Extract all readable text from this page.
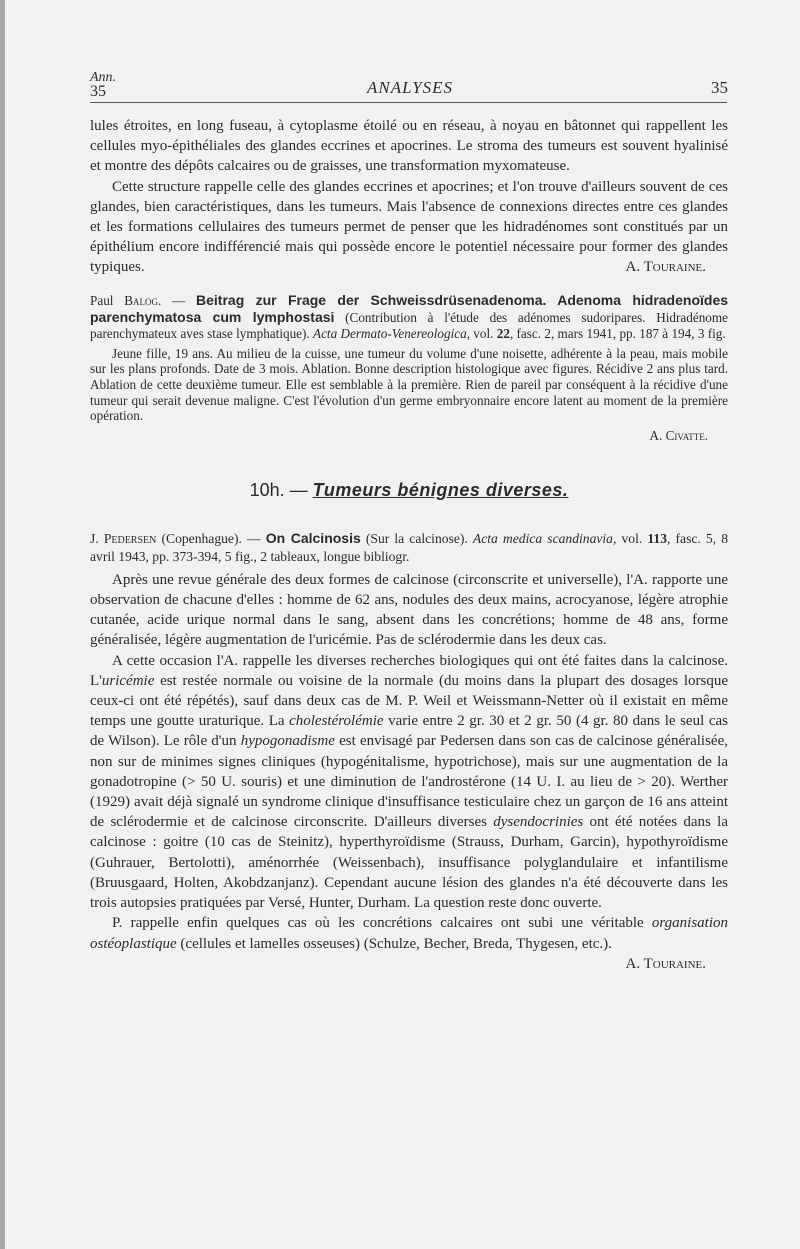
Ann.
35	ANALYSES	35

lules étroites, en long fuseau, à cytoplasme étoilé ou en réseau, à noyau en bâtonnet qui rappellent les cellules myo-épithéliales des glandes eccrines et apocrines. Le stroma des tumeurs est souvent hyalinisé et montre des dépôts calcaires ou de graisses, une transformation myxomateuse.

Cette structure rappelle celle des glandes eccrines et apocrines; et l'on trouve d'ailleurs souvent de ces glandes, bien caractéristiques, dans les tumeurs. Mais l'absence de connexions directes entre ces glandes et les formations cellulaires des tumeurs permet de penser que les hidradénomes sont constitués par un épithélium encore indifférencié mais qui possède encore le potentiel nécessaire pour former des glandes typiques.	A. Touraine.

Paul Balog. — Beitrag zur Frage der Schweissdrüsenadenoma. Adenoma hidradenoïdes parenchymatosa cum lymphostasi (Contribution à l'étude des adénomes sudoripares. Hidradénome parenchymateux aves stase lymphatique). Acta Dermato-Venereologica, vol. 22, fasc. 2, mars 1941, pp. 187 à 194, 3 fig.

Jeune fille, 19 ans. Au milieu de la cuisse, une tumeur du volume d'une noisette, adhérente à la peau, mais mobile sur les plans profonds. Date de 3 mois. Ablation. Bonne description histologique avec figures. Récidive 2 ans plus tard. Ablation de cette deuxième tumeur. Elle est semblable à la première. Rien de pareil par conséquent à la récidive d'une tumeur qui serait devenue maligne. C'est l'évolution d'un germe embryonnaire encore latent au moment de la première opération.

A. Civatte.
10h. — Tumeurs bénignes diverses.

J. Pedersen (Copenhague). — On Calcinosis (Sur la calcinose). Acta medica scandinavia, vol. 113, fasc. 5, 8 avril 1943, pp. 373-394, 5 fig., 2 tableaux, longue bibliogr.

Après une revue générale des deux formes de calcinose (circonscrite et universelle), l'A. rapporte une observation de chacune d'elles : homme de 62 ans, nodules des deux mains, acrocyanose, légère atrophie cutanée, acide urique normal dans le sang, absent dans les concrétions; homme de 48 ans, forme généralisée, légère augmentation de l'uricémie. Pas de sclérodermie dans les deux cas.

A cette occasion l'A. rappelle les diverses recherches biologiques qui ont été faites dans la calcinose. L'uricémie est restée normale ou voisine de la normale (du moins dans la plupart des dosages lorsque ceux-ci ont été répétés), sauf dans deux cas de M. P. Weil et Weissmann-Netter où il existait en même temps une goutte uraturique. La cholestérolémie varie entre 2 gr. 30 et 2 gr. 50 (4 gr. 80 dans le seul cas de Wilson). Le rôle d'un hypogonadisme est envisagé par Pedersen dans son cas de calcinose généralisée, non sur de minimes signes cliniques (hypogénitalisme, hypotrichose), mais sur une augmentation de la gonadotropine (> 50 U. souris) et une diminution de l'androstérone (14 U. I. au lieu de > 20). Werther (1929) avait déjà signalé un syndrome clinique d'insuffisance testiculaire chez un garçon de 16 ans atteint de sclérodermie et de calcinose circonscrite. D'ailleurs diverses dysendocrinies ont été notées dans la calcinose : goitre (10 cas de Steinitz), hyperthyroïdisme (Strauss, Durham, Garcin), hypothyroïdisme (Guhrauer, Bertolotti), aménorrhée (Weissenbach), insuffisance polyglandulaire et infantilisme (Bruusgaard, Holten, Akobdzanjanz). Cependant aucune lésion des glandes n'a été découverte dans les trois autopsies pratiquées par Versé, Hunter, Durham. La question reste donc ouverte.

P. rappelle enfin quelques cas où les concrétions calcaires ont subi une véritable organisation ostéoplastique (cellules et lamelles osseuses) (Schulze, Becher, Breda, Thygesen, etc.).
A. Touraine.
